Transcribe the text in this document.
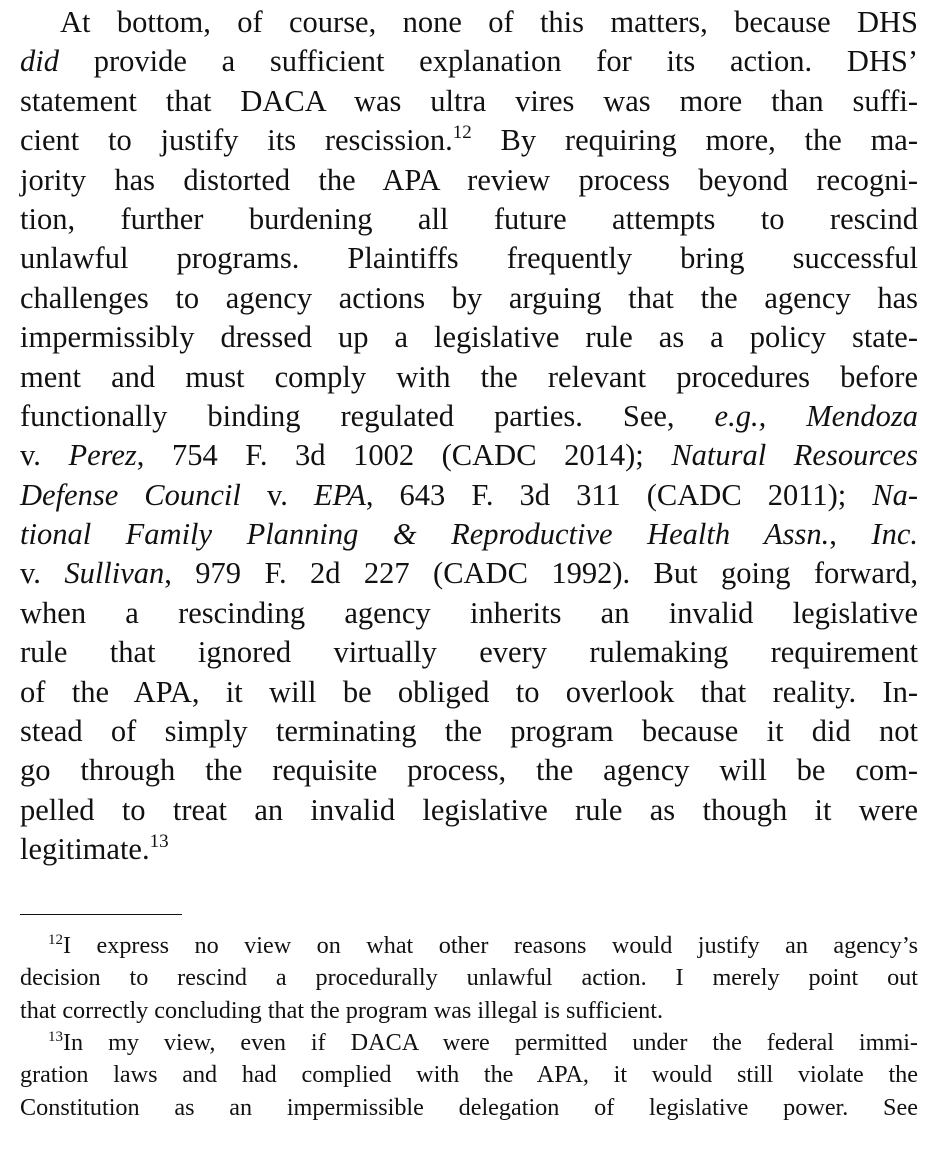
At bottom, of course, none of this matters, because DHS
did provide a sufficient explanation for its action. DHS’
statement that DACA was ultra vires was more than suffi-
cient to justify its rescission.$^{12}$ By requiring more, the ma-
jority has distorted the APA review process beyond recogni-
tion, further burdening all future attempts to rescind
unlawful programs. Plaintiffs frequently bring successful
challenges to agency actions by arguing that the agency has
impermissibly dressed up a legislative rule as a policy state-
ment and must comply with the relevant procedures before
functionally binding regulated parties. See, e.g., Mendoza
v. Perez, 754 F. 3d 1002 (CADC 2014); Natural Resources
Defense Council v. EPA, 643 F. 3d 311 (CADC 2011); Na-
tional Family Planning & Reproductive Health Assn., Inc.
v. Sullivan, 979 F. 2d 227 (CADC 1992). But going forward,
when a rescinding agency inherits an invalid legislative
rule that ignored virtually every rulemaking requirement
of the APA, it will be obliged to overlook that reality. In-
stead of simply terminating the program because it did not
go through the requisite process, the agency will be com-
pelled to treat an invalid legislative rule as though it were
legitimate.$^{13}$
$^{12}$I express no view on what other reasons would justify an agency’s
decision to rescind a procedurally unlawful action. I merely point out
that correctly concluding that the program was illegal is sufficient.
$^{13}$In my view, even if DACA were permitted under the federal immi-
gration laws and had complied with the APA, it would still violate the
Constitution as an impermissible delegation of legislative power. See
